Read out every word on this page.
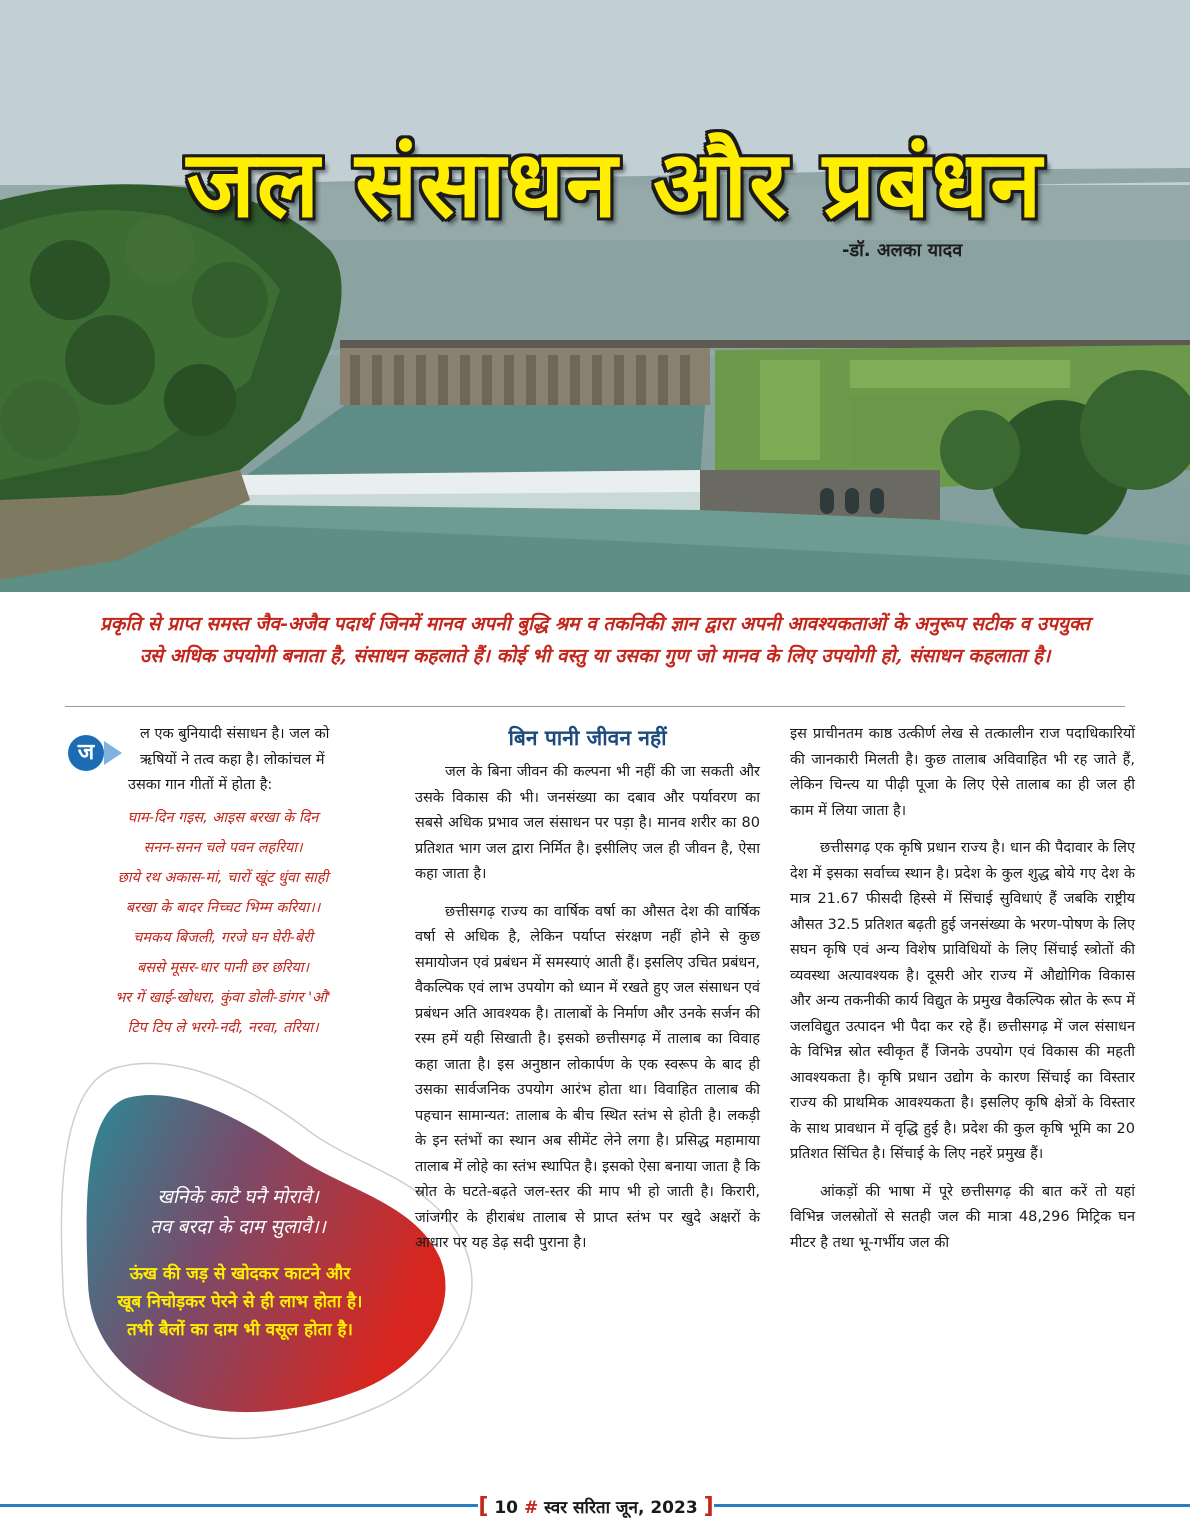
जल संसाधन और प्रबंधन
-डॉ. अलका यादव
प्रकृति से प्राप्त समस्त जैव-अजैव पदार्थ जिनमें मानव अपनी बुद्धि श्रम व तकनिकी ज्ञान द्वारा अपनी आवश्यकताओं के अनुरूप सटीक व उपयुक्त उसे अधिक उपयोगी बनाता है, संसाधन कहलाते हैं। कोई भी वस्तु या उसका गुण जो मानव के लिए उपयोगी हो, संसाधन कहलाता है।
ज

ल एक बुनियादी संसाधन है। जल को

ऋषियों ने तत्व कहा है। लोकांचल में

उसका गान गीतों में होता है:

घाम-दिन गइस, आइस बरखा के दिन
सनन-सनन चले पवन लहरिया।
छाये रथ अकास-मां, चारों खूंट धुंवा साही
बरखा के बादर निच्चट भिम्म करिया।।
चमकय बिजली, गरजे घन घेरी-बेरी
बससे मूसर-धार पानी छर छरिया।
भर गें खाई-खोधरा, कुंवा डोली-डांगर 'औ'
टिप टिप ले भरगे-नदी, नरवा, तरिया।
खनिके काटै घनै मोरावै।
तव बरदा के दाम सुलावै।।
ऊंख की जड़ से खोदकर काटने और
खूब निचोड़कर पेरने से ही लाभ होता है।
तभी बैलों का दाम भी वसूल होता है।

बिन पानी जीवन नहीं

जल के बिना जीवन की कल्पना भी नहीं की जा सकती और उसके विकास की भी। जनसंख्या का दबाव और पर्यावरण का सबसे अधिक प्रभाव जल संसाधन पर पड़ा है। मानव शरीर का 80 प्रतिशत भाग जल द्वारा निर्मित है। इसीलिए जल ही जीवन है, ऐसा कहा जाता है।

छत्तीसगढ़ राज्य का वार्षिक वर्षा का औसत देश की वार्षिक वर्षा से अधिक है, लेकिन पर्याप्त संरक्षण नहीं होने से कुछ समायोजन एवं प्रबंधन में समस्याएं आती हैं। इसलिए उचित प्रबंधन, वैकल्पिक एवं लाभ उपयोग को ध्यान में रखते हुए जल संसाधन एवं प्रबंधन अति आवश्यक है। तालाबों के निर्माण और उनके सर्जन की रस्म हमें यही सिखाती है। इसको छत्तीसगढ़ में तालाब का विवाह कहा जाता है। इस अनुष्ठान लोकार्पण के एक स्वरूप के बाद ही उसका सार्वजनिक उपयोग आरंभ होता था। विवाहित तालाब की पहचान सामान्यत: तालाब के बीच स्थित स्तंभ से होती है। लकड़ी के इन स्तंभों का स्थान अब सीमेंट लेने लगा है। प्रसिद्ध महामाया तालाब में लोहे का स्तंभ स्थापित है। इसको ऐसा बनाया जाता है कि स्रोत के घटते-बढ़ते जल-स्तर की माप भी हो जाती है। किरारी, जांजगीर के हीराबंध तालाब से प्राप्त स्तंभ पर खुदे अक्षरों के आधार पर यह डेढ़ सदी पुराना है।

इस प्राचीनतम काष्ठ उत्कीर्ण लेख से तत्कालीन राज पदाधिकारियों की जानकारी मिलती है। कुछ तालाब अविवाहित भी रह जाते हैं, लेकिन चिन्त्य या पीढ़ी पूजा के लिए ऐसे तालाब का ही जल ही काम में लिया जाता है।

छत्तीसगढ़ एक कृषि प्रधान राज्य है। धान की पैदावार के लिए देश में इसका सर्वाच्च स्थान है। प्रदेश के कुल शुद्ध बोये गए देश के मात्र 21.67 फीसदी हिस्से में सिंचाई सुविधाएं हैं जबकि राष्ट्रीय औसत 32.5 प्रतिशत बढ़ती हुई जनसंख्या के भरण-पोषण के लिए सघन कृषि एवं अन्य विशेष प्राविधियों के लिए सिंचाई स्त्रोतों की व्यवस्था अत्यावश्यक है। दूसरी ओर राज्य में औद्योगिक विकास और अन्य तकनीकी कार्य विद्युत के प्रमुख वैकल्पिक स्रोत के रूप में जलविद्युत उत्पादन भी पैदा कर रहे हैं। छत्तीसगढ़ में जल संसाधन के विभिन्न स्रोत स्वीकृत हैं जिनके उपयोग एवं विकास की महती आवश्यकता है। कृषि प्रधान उद्योग के कारण सिंचाई का विस्तार राज्य की प्राथमिक आवश्यकता है। इसलिए कृषि क्षेत्रों के विस्तार के साथ प्रावधान में वृद्धि हुई है। प्रदेश की कुल कृषि भूमि का 20 प्रतिशत सिंचित है। सिंचाई के लिए नहरें प्रमुख हैं।

आंकड़ों की भाषा में पूरे छत्तीसगढ़ की बात करें तो यहां विभिन्न जलस्रोतों से सतही जल की मात्रा 48,296 मिट्रिक घन मीटर है तथा भू-गर्भीय जल की

[ 10 # स्वर सरिता जून, 2023 ]
